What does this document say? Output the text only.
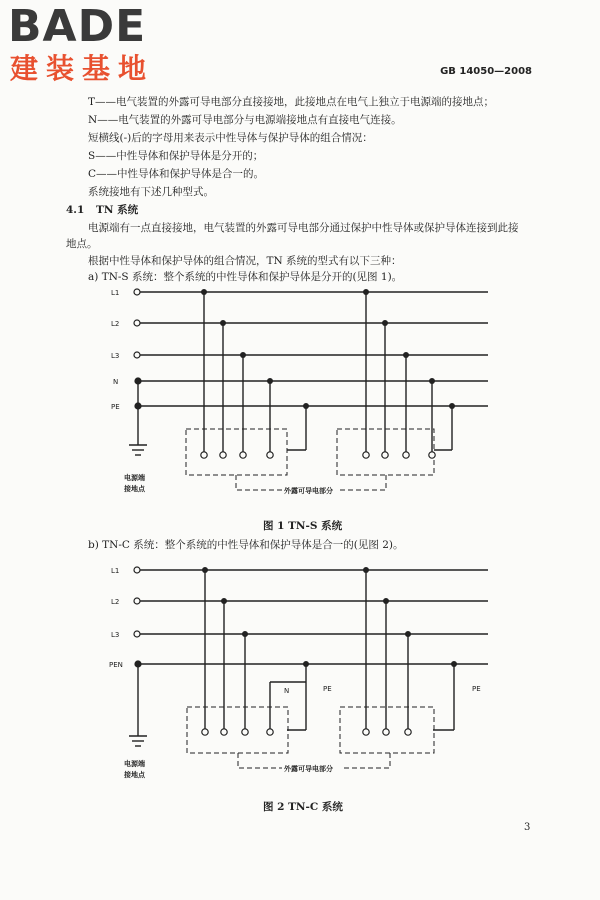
BADE
建装基地	GB 14050—2008
T——电气装置的外露可导电部分直接接地，此接地点在电气上独立于电源端的接地点；
N——电气装置的外露可导电部分与电源端接地点有直接电气连接。
短横线(-)后的字母用来表示中性导体与保护导体的组合情况：
S——中性导体和保护导体是分开的；
C——中性导体和保护导体是合一的。
系统接地有下述几种型式。
4.1 TN 系统
电源端有一点直接接地，电气装置的外露可导电部分通过保护中性导体或保护导体连接到此接
地点。
根据中性导体和保护导体的组合情况，TN 系统的型式有以下三种：
a) TN-S 系统：整个系统的中性导体和保护导体是分开的(见图 1)。
L1
L2
L3
N
PE
电源端
接地点	外露可导电部分
图 1 TN-S 系统
b) TN-C 系统：整个系统的中性导体和保护导体是合一的(见图 2)。
L1
L2
L3
PEN
N	PE	PE
电源端
接地点
外露可导电部分
图 2 TN-C 系统
3
